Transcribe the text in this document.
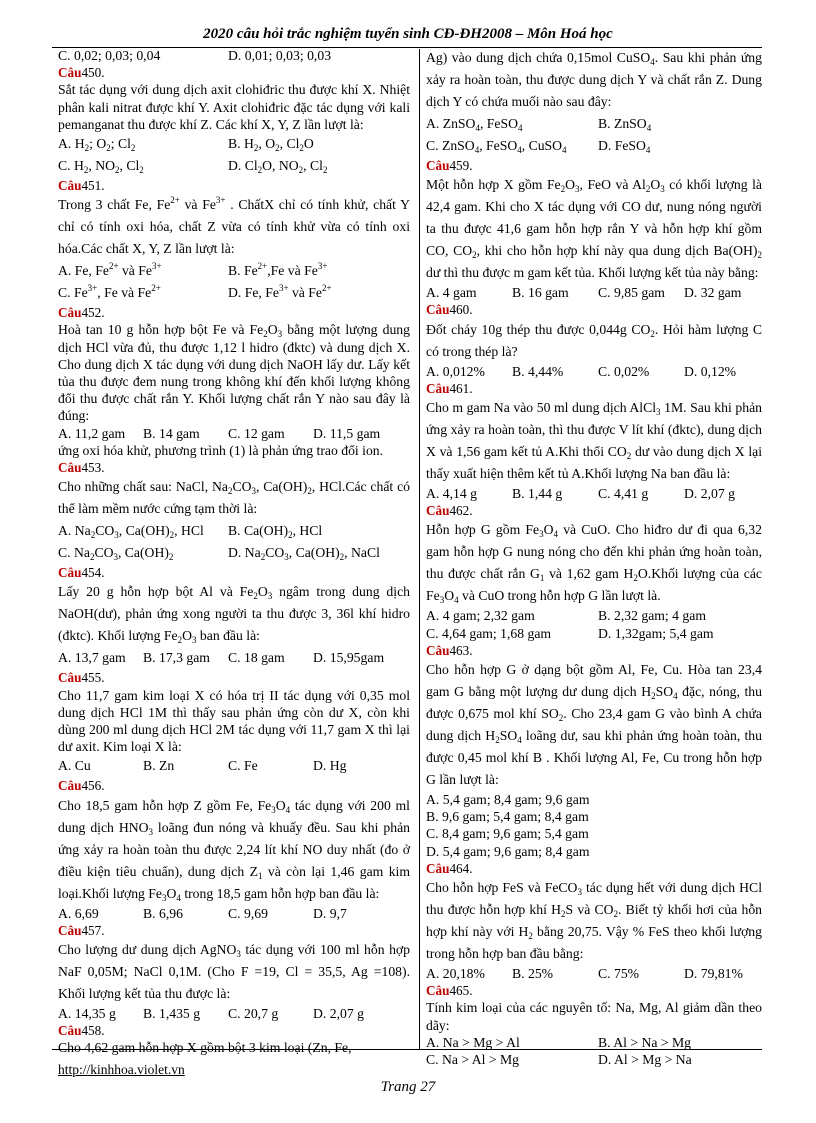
2020 câu hỏi trắc nghiệm tuyển sinh CĐ-ĐH2008 – Môn Hoá học
C. 0,02; 0,03; 0,04	D. 0,01; 0,03; 0,03
Câu450.

Sắt tác dụng với dung dịch axit clohiđric thu được khí X. Nhiệt phân kali nitrat được khí Y. Axit clohiđric đặc tác dụng với kali pemanganat thu được khí Z. Các khí X, Y, Z lần lượt là:

A. $H_2$; $O_2$; $Cl_2$	B. $H_2$, $O_2$, $Cl_2O$
C. $H_2$, $NO_2$, $Cl_2$	D. $Cl_2O$, $NO_2$, $Cl_2$
Câu451.

Trong 3 chất Fe, $Fe^{2+}$ và $Fe^{3+}$ . ChấtX chỉ có tính khử, chất Y chỉ có tính oxi hóa, chất Z vừa có tính khử vừa có tính oxi hóa.Các chất X, Y, Z lần lượt là:

A. Fe, $Fe^{2+}$ và $Fe^{3+}$	B. $Fe^{2+},Fe$ và $Fe^{3+}$
C. $Fe^{3+}$, Fe và $Fe^{2+}$	D. Fe, $Fe^{3+}$ và $Fe^{2+}$
Câu452.

Hoà tan 10 g hỗn hợp bột Fe và $Fe_2O_3$ bằng một lượng dung dịch HCl vừa đủ, thu được 1,12 l hidro (đktc) và dung dịch X. Cho dung dịch X tác dụng với dung dịch NaOH lấy dư. Lấy kết tủa thu được đem nung trong không khí đến khối lượng không đổi thu được chất rắn Y. Khối lượng chất rắn Y nào sau đây là đúng:

A. 11,2 gam	B. 14 gam	C. 12 gam	D. 11,5 gam

ứng oxi hóa khử, phương trình (1) là phản ứng trao đổi ion.

Câu453.

Cho những chất sau: NaCl, $Na_2CO_3$, $Ca(OH)_2$, HCl.Các chất có thể làm mềm nước cứng tạm thời là:

A. $Na_2CO_3$, $Ca(OH)_2$, HCl	B. $Ca(OH)_2$, HCl
C. $Na_2CO_3$, $Ca(OH)_2$	D. $Na_2CO_3$, $Ca(OH)_2$, NaCl
Câu454.

Lấy 20 g hỗn hợp bột Al và $Fe_2O_3$ ngâm trong dung dịch NaOH(dư), phản ứng xong người ta thu được 3, 36l khí hidro (đktc). Khối lượng $Fe_2O_3$ ban đầu là:

A. 13,7 gam	B. 17,3 gam	C. 18 gam	D. 15,95gam
Câu455.

Cho 11,7 gam kim loại X có hóa trị II tác dụng với 0,35 mol dung dịch HCl 1M thì thấy sau phản ứng còn dư X, còn khi dùng 200 ml dung dịch HCl 2M tác dụng với 11,7 gam X thì lại dư axit. Kim loại X là:

A. Cu	B. Zn	C. Fe	D. Hg
Câu456.

Cho 18,5 gam hỗn hợp Z gồm Fe, $Fe_3O_4$ tác dụng với 200 ml dung dịch $HNO_3$ loãng đun nóng và khuấy đều. Sau khi phản ứng xảy ra hoàn toàn thu được 2,24 lít khí NO duy nhất (đo ở điều kiện tiêu chuẩn), dung dịch $Z_1$ và còn lại 1,46 gam kim loại.Khối lượng $Fe_3O_4$ trong 18,5 gam hỗn hợp ban đầu là:

A. 6,69	B. 6,96	C. 9,69	D. 9,7
Câu457.

Cho lượng dư dung dịch AgNO$_3$ tác dụng với 100 ml hỗn hợp NaF 0,05M; NaCl 0,1M. (Cho F =19, Cl = 35,5, Ag =108). Khối lượng kết tủa thu được là:

A. 14,35 g	B. 1,435 g	C. 20,7 g	D. 2,07 g
Câu458.

Cho 4,62 gam hỗn hợp X gồm bột 3 kim loại (Zn, Fe,

Ag) vào dung dịch chứa 0,15mol CuSO$_4$. Sau khi phản ứng xảy ra hoàn toàn, thu được dung dịch Y và chất rắn Z. Dung dịch Y có chứa muối nào sau đây:

A. ZnSO$_4$, FeSO$_4$	B. ZnSO$_4$
C. ZnSO$_4$, FeSO$_4$, CuSO$_4$	D. FeSO$_4$
Câu459.

Một hỗn hợp X gồm $Fe_2O_3$, FeO và $Al_2O_3$ có khối lượng là 42,4 gam. Khi cho X tác dụng với CO dư, nung nóng người ta thu được 41,6 gam hỗn hợp rắn Y và hỗn hợp khí gồm CO, $CO_2$, khi cho hỗn hợp khí này qua dung dịch $Ba(OH)_2$ dư thì thu được m gam kết tủa. Khối lượng kết tủa này bằng:

A. 4 gam	B. 16 gam	C. 9,85 gam	D. 32 gam
Câu460.

Đốt cháy 10g thép thu được 0,044g $CO_2$. Hỏi hàm lượng C có trong thép là?

A. 0,012%	B. 4,44%	C. 0,02%	D. 0,12%
Câu461.

Cho m gam Na vào 50 ml dung dịch AlCl$_3$ 1M. Sau khi phản ứng xảy ra hoàn toàn, thì thu được V lít khí (đktc), dung dịch X và 1,56 gam kết tủ A.Khi thổi $CO_2$ dư vào dung dịch X lại thấy xuất hiện thêm kết tủ A.Khối lượng Na ban đầu là:

A. 4,14 g	B. 1,44 g	C. 4,41 g	D. 2,07 g
Câu462.

Hỗn hợp G gồm $Fe_3O_4$ và CuO. Cho hiđro dư đi qua 6,32 gam hỗn hợp G nung nóng cho đến khi phản ứng hoàn toàn, thu được chất rắn $G_1$ và 1,62 gam $H_2O.Khối$ lượng của các $Fe_3O_4$ và CuO trong hỗn hợp G lần lượt là.

A. 4 gam; 2,32 gam	B. 2,32 gam; 4 gam
C. 4,64 gam; 1,68 gam	D. 1,32gam; 5,4 gam
Câu463.

Cho hỗn hợp G ở dạng bột gồm Al, Fe, Cu. Hòa tan 23,4 gam G bằng một lượng dư dung dịch $H_2SO_4$ đặc, nóng, thu được 0,675 mol khí $SO_2$. Cho 23,4 gam G vào bình A chứa dung dịch $H_2SO_4$ loãng dư, sau khi phản ứng hoàn toàn, thu được 0,45 mol khí B . Khối lượng Al, Fe, Cu trong hỗn hợp G lần lượt là:

A. 5,4 gam; 8,4 gam; 9,6 gam
B. 9,6 gam; 5,4 gam; 8,4 gam
C. 8,4 gam; 9,6 gam; 5,4 gam
D. 5,4 gam; 9,6 gam; 8,4 gam
Câu464.

Cho hỗn hợp FeS và FeCO$_3$ tác dụng hết với dung dịch HCl thu được hỗn hợp khí $H_2S$ và $CO_2$. Biết tỷ khối hơi của hỗn hợp khí này với $H_2$ bằng 20,75. Vậy % FeS theo khối lượng trong hỗn hợp ban đầu bằng:

A. 20,18%	B. 25%	C. 75%	D. 79,81%
Câu465.

Tính kim loại của các nguyên tố: Na, Mg, Al giảm dần theo dãy:

A. Na > Mg > Al	B. Al > Na > Mg
C. Na > Al > Mg	D. Al > Mg > Na
http://kinhhoa.violet.vn
Trang 27
